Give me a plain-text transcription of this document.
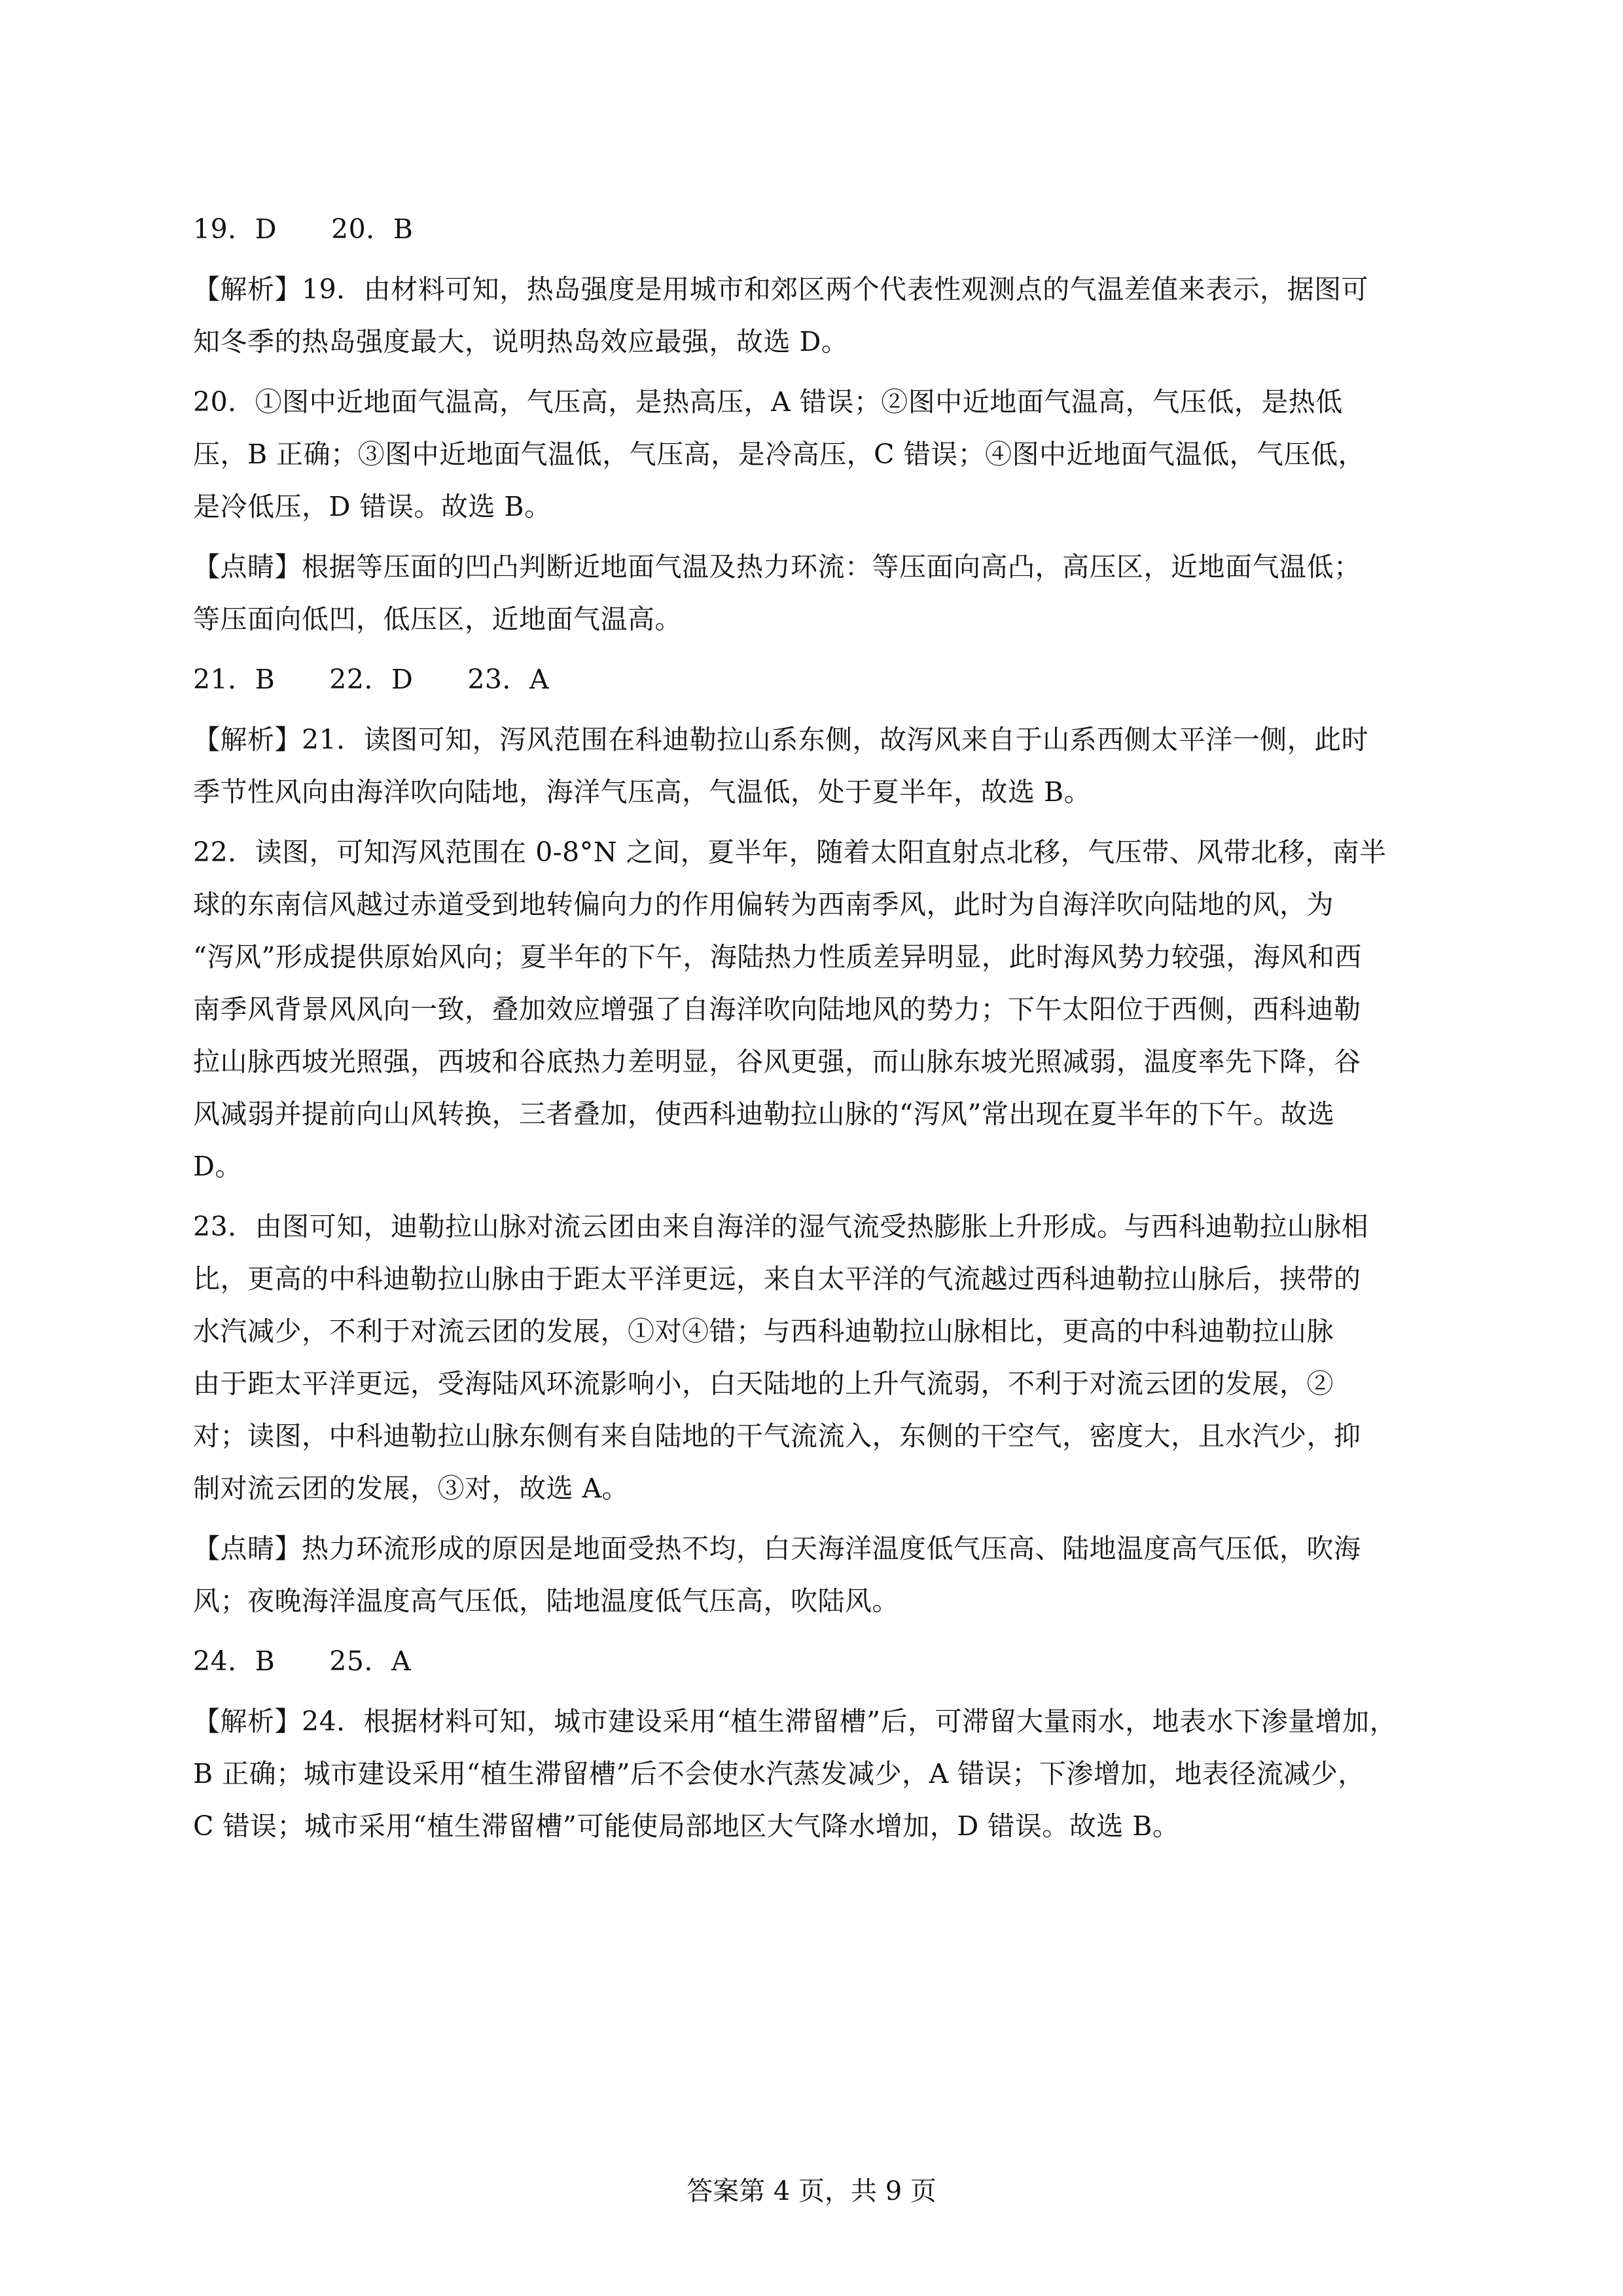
19．D　　20．B
【解析】19．由材料可知，热岛强度是用城市和郊区两个代表性观测点的气温差值来表示，据图可
知冬季的热岛强度最大，说明热岛效应最强，故选 D。
20．①图中近地面气温高，气压高，是热高压，A 错误；②图中近地面气温高，气压低，是热低
压，B 正确；③图中近地面气温低，气压高，是冷高压，C 错误；④图中近地面气温低，气压低，
是冷低压，D 错误。故选 B。
【点睛】根据等压面的凹凸判断近地面气温及热力环流：等压面向高凸，高压区，近地面气温低；
等压面向低凹，低压区，近地面气温高。
21．B　　22．D　　23．A
【解析】21．读图可知，泻风范围在科迪勒拉山系东侧，故泻风来自于山系西侧太平洋一侧，此时
季节性风向由海洋吹向陆地，海洋气压高，气温低，处于夏半年，故选 B。
22．读图，可知泻风范围在 0-8°N 之间，夏半年，随着太阳直射点北移，气压带、风带北移，南半
球的东南信风越过赤道受到地转偏向力的作用偏转为西南季风，此时为自海洋吹向陆地的风，为
“泻风”形成提供原始风向；夏半年的下午，海陆热力性质差异明显，此时海风势力较强，海风和西
南季风背景风风向一致，叠加效应增强了自海洋吹向陆地风的势力；下午太阳位于西侧，西科迪勒
拉山脉西坡光照强，西坡和谷底热力差明显，谷风更强，而山脉东坡光照减弱，温度率先下降，谷
风减弱并提前向山风转换，三者叠加，使西科迪勒拉山脉的“泻风”常出现在夏半年的下午。故选
D。
23．由图可知，迪勒拉山脉对流云团由来自海洋的湿气流受热膨胀上升形成。与西科迪勒拉山脉相
比，更高的中科迪勒拉山脉由于距太平洋更远，来自太平洋的气流越过西科迪勒拉山脉后，挟带的
水汽减少，不利于对流云团的发展，①对④错；与西科迪勒拉山脉相比，更高的中科迪勒拉山脉
由于距太平洋更远，受海陆风环流影响小，白天陆地的上升气流弱，不利于对流云团的发展，②
对；读图，中科迪勒拉山脉东侧有来自陆地的干气流流入，东侧的干空气，密度大，且水汽少，抑
制对流云团的发展，③对，故选 A。
【点睛】热力环流形成的原因是地面受热不均，白天海洋温度低气压高、陆地温度高气压低，吹海
风；夜晚海洋温度高气压低，陆地温度低气压高，吹陆风。
24．B　　25．A
【解析】24．根据材料可知，城市建设采用“植生滞留槽”后，可滞留大量雨水，地表水下渗量增加，
B 正确；城市建设采用“植生滞留槽”后不会使水汽蒸发减少，A 错误；下渗增加，地表径流减少，
C 错误；城市采用“植生滞留槽”可能使局部地区大气降水增加，D 错误。故选 B。
答案第 4 页，共 9 页
